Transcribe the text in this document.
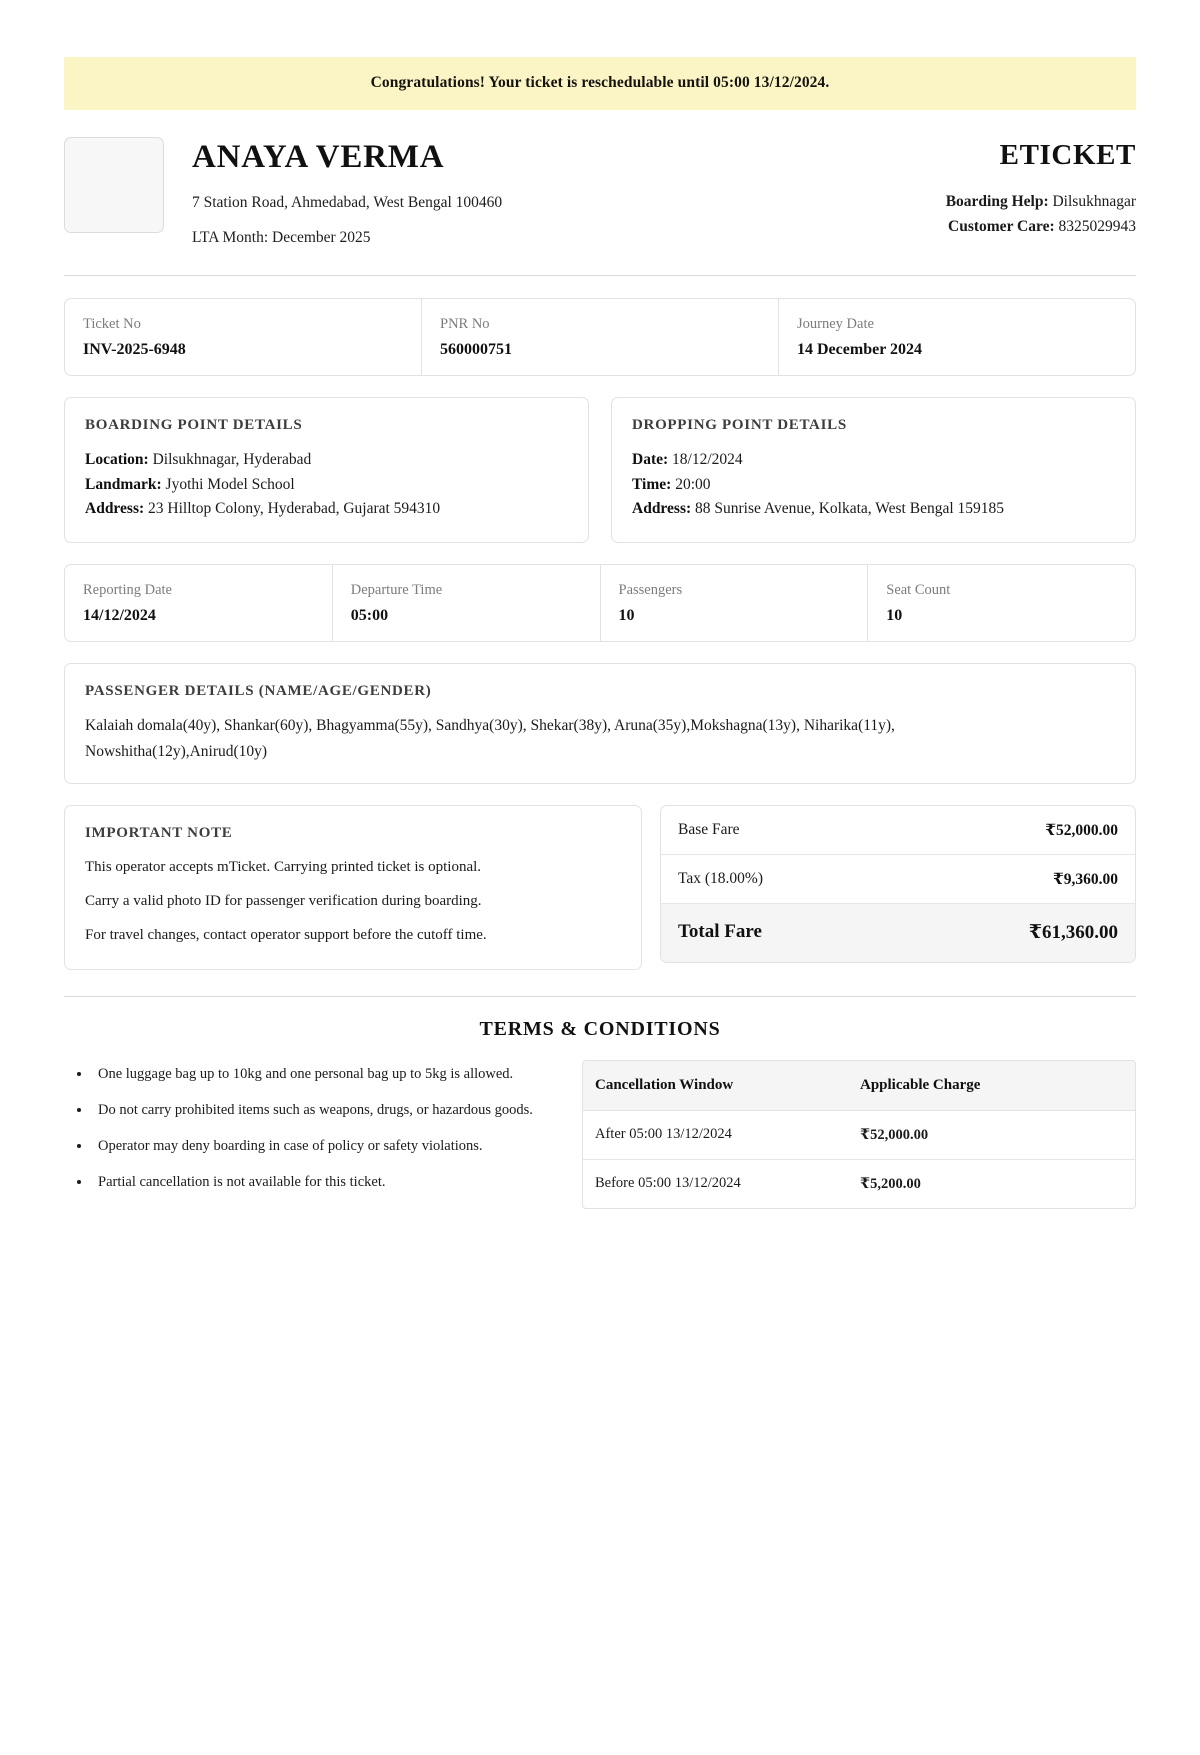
Congratulations! Your ticket is reschedulable until 05:00 13/12/2024.
ANAYA VERMA
7 Station Road, Ahmedabad, West Bengal 100460
LTA Month: December 2025
ETICKET
Boarding Help: Dilsukhnagar
Customer Care: 8325029943
Ticket No
INV-2025-6948
PNR No
560000751
Journey Date
14 December 2024
BOARDING POINT DETAILS
Location: Dilsukhnagar, Hyderabad
Landmark: Jyothi Model School
Address: 23 Hilltop Colony, Hyderabad, Gujarat 594310
DROPPING POINT DETAILS
Date: 18/12/2024
Time: 20:00
Address: 88 Sunrise Avenue, Kolkata, West Bengal 159185
Reporting Date
14/12/2024
Departure Time
05:00
Passengers
10
Seat Count
10
PASSENGER DETAILS (NAME/AGE/GENDER)
Kalaiah domala(40y), Shankar(60y), Bhagyamma(55y), Sandhya(30y), Shekar(38y), Aruna(35y),Mokshagna(13y), Niharika(11y), Nowshitha(12y),Anirud(10y)
IMPORTANT NOTE
This operator accepts mTicket. Carrying printed ticket is optional.
Carry a valid photo ID for passenger verification during boarding.
For travel changes, contact operator support before the cutoff time.
Base Fare	₹52,000.00
Tax (18.00%)	₹9,360.00
Total Fare	₹61,360.00
TERMS & CONDITIONS
• One luggage bag up to 10kg and one personal bag up to 5kg is allowed.
• Do not carry prohibited items such as weapons, drugs, or hazardous goods.
• Operator may deny boarding in case of policy or safety violations.
• Partial cancellation is not available for this ticket.
Cancellation Window	Applicable Charge
After 05:00 13/12/2024	₹52,000.00
Before 05:00 13/12/2024	₹5,200.00
